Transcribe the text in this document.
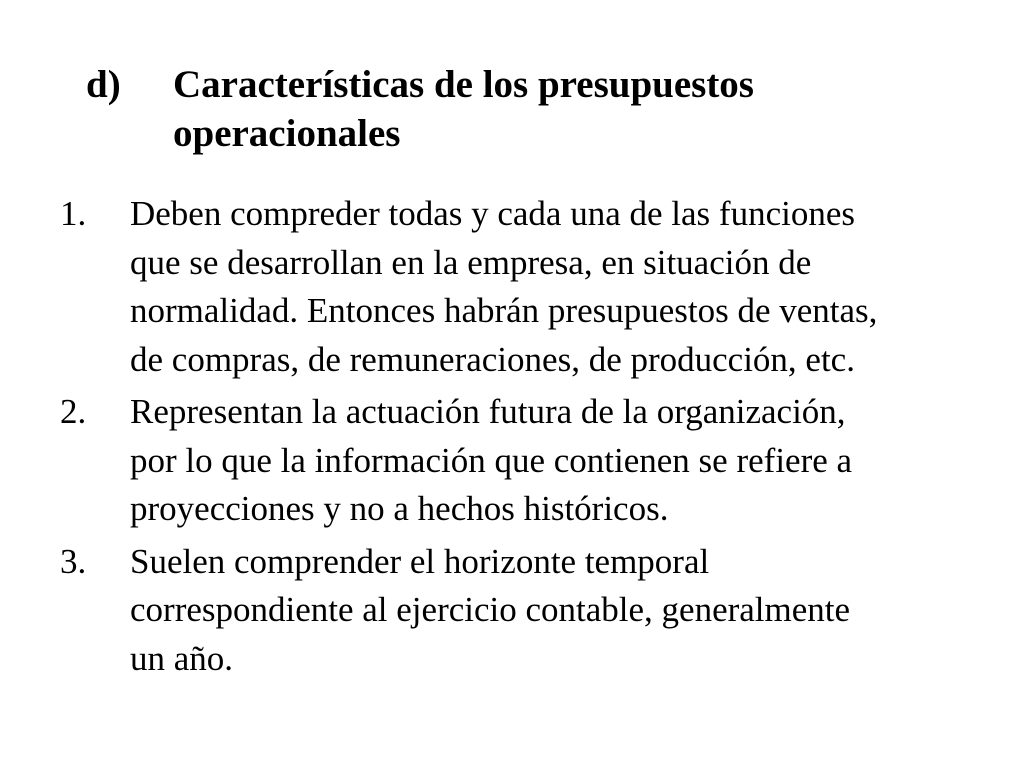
d) Características de los presupuestos
operacionales
1. Deben compreder todas y cada una de las funciones
que se desarrollan en la empresa, en situación de
normalidad. Entonces habrán presupuestos de ventas,
de compras, de remuneraciones, de producción, etc.
2. Representan la actuación futura de la organización,
por lo que la información que contienen se refiere a
proyecciones y no a hechos históricos.
3. Suelen comprender el horizonte temporal
correspondiente al ejercicio contable, generalmente
un año.
